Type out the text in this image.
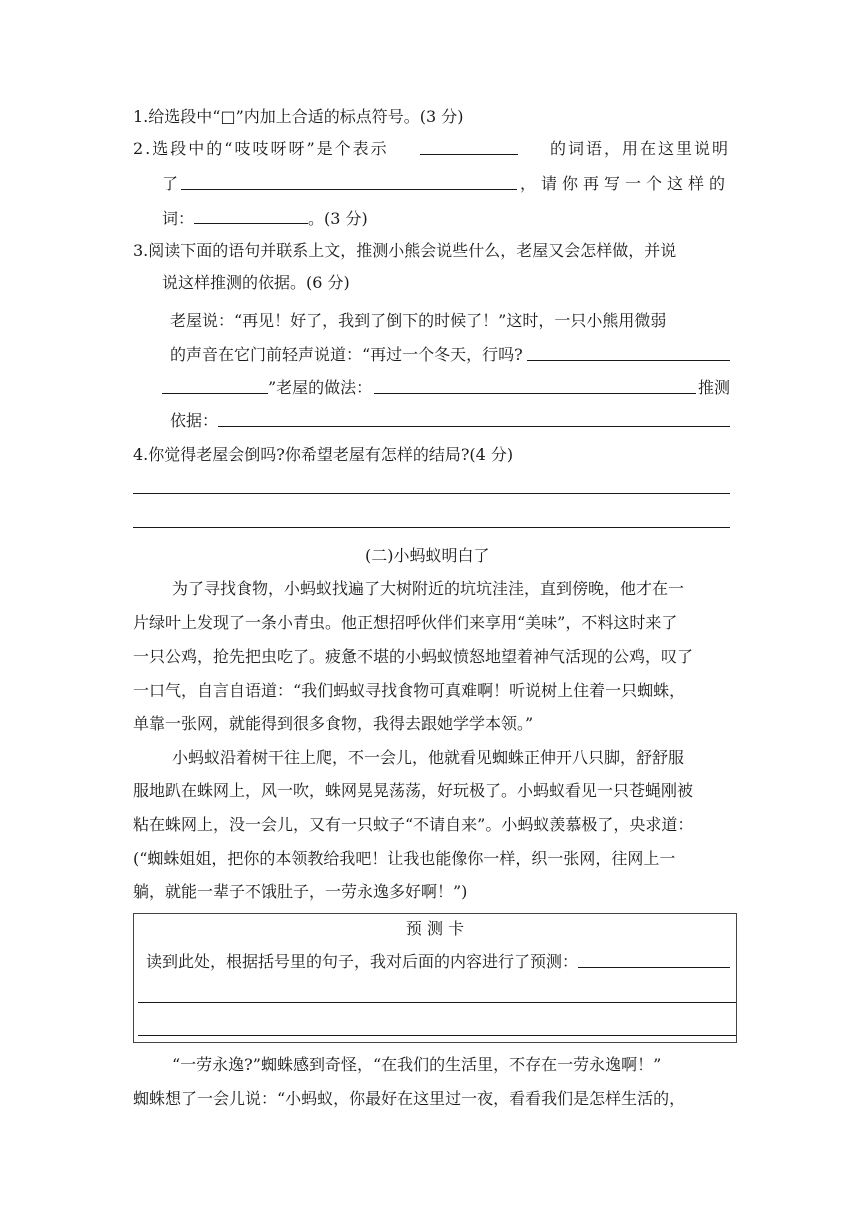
1.给选段中“□”内加上合适的标点符号。(3 分)
2.选段中的“吱吱呀呀”是个表示	的词语，用在这里说明
了	，请你再写一个这样的
词：	。(3 分)
3.阅读下面的语句并联系上文，推测小熊会说些什么，老屋又会怎样做，并说
说这样推测的依据。(6 分)
老屋说：“再见！好了，我到了倒下的时候了！”这时，一只小熊用微弱
的声音在它门前轻声说道：“再过一个冬天，行吗?
”老屋的做法：	推测
依据：
4.你觉得老屋会倒吗?你希望老屋有怎样的结局?(4 分)
(二)小蚂蚁明白了
为了寻找食物，小蚂蚁找遍了大树附近的坑坑洼洼，直到傍晚，他才在一
片绿叶上发现了一条小青虫。他正想招呼伙伴们来享用“美味”，不料这时来了
一只公鸡，抢先把虫吃了。疲惫不堪的小蚂蚁愤怒地望着神气活现的公鸡，叹了
一口气，自言自语道：“我们蚂蚁寻找食物可真难啊！听说树上住着一只蜘蛛，
单靠一张网，就能得到很多食物，我得去跟她学学本领。”
小蚂蚁沿着树干往上爬，不一会儿，他就看见蜘蛛正伸开八只脚，舒舒服
服地趴在蛛网上，风一吹，蛛网晃晃荡荡，好玩极了。小蚂蚁看见一只苍蝇刚被
粘在蛛网上，没一会儿，又有一只蚊子“不请自来”。小蚂蚁羡慕极了，央求道：
(“蜘蛛姐姐，把你的本领教给我吧！让我也能像你一样，织一张网，往网上一
躺，就能一辈子不饿肚子，一劳永逸多好啊！”)
预 测 卡
读到此处，根据括号里的句子，我对后面的内容进行了预测：
“一劳永逸?”蜘蛛感到奇怪，“在我们的生活里，不存在一劳永逸啊！”
蜘蛛想了一会儿说：“小蚂蚁，你最好在这里过一夜，看看我们是怎样生活的，
